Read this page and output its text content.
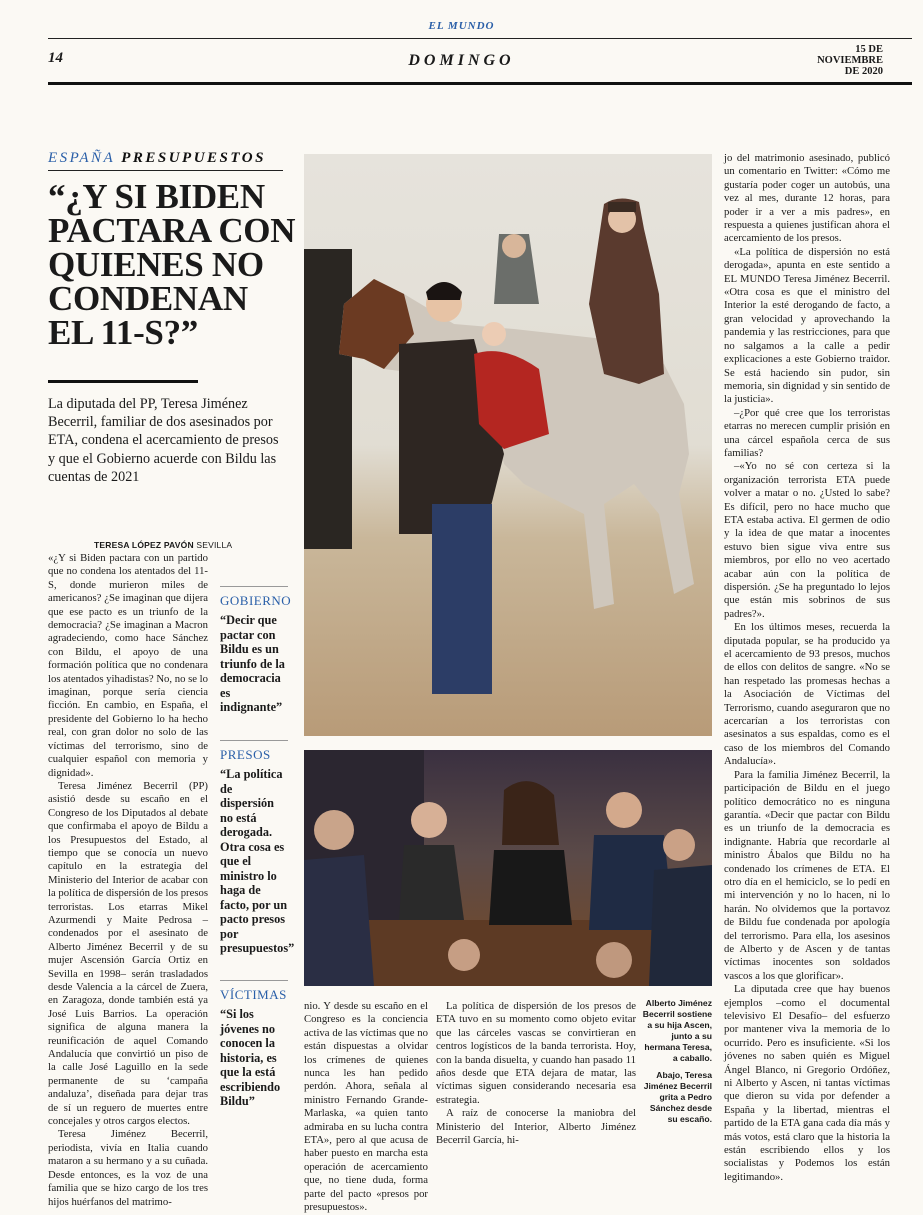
EL MUNDO
14	DOMINGO
15 DE
NOVIEMBRE
DE 2020
ESPAÑA PRESUPUESTOS
“¿Y SI BIDEN PACTARA CON QUIENES NO CONDENAN EL 11-S?”
La diputada del PP, Teresa Jiménez Becerril, familiar de dos asesinados por ETA, condena el acercamiento de presos y que el Gobierno acuerde con Bildu las cuentas de 2021
TERESA LÓPEZ PAVÓN SEVILLA

«¿Y si Biden pactara con un partido que no condena los atentados del 11-S, donde murieron miles de americanos? ¿Se imaginan que dijera que ese pacto es un triunfo de la democracia? ¿Se imaginan a Macron agradeciendo, como hace Sánchez con Bildu, el apoyo de una formación política que no condenara los atentados yihadistas? No, no se lo imaginan, porque sería ciencia ficción. En cambio, en España, el presidente del Gobierno lo ha hecho real, con gran dolor no solo de las víctimas del terrorismo, sino de cualquier español con memoria y dignidad».

Teresa Jiménez Becerril (PP) asistió desde su escaño en el Congreso de los Diputados al debate que confirmaba el apoyo de Bildu a los Presupuestos del Estado, al tiempo que se conocía un nuevo capítulo en la estrategia del Ministerio del Interior de acabar con la política de dispersión de los presos terroristas. Los etarras Mikel Azurmendi y Maite Pedrosa –condenados por el asesinato de Alberto Jiménez Becerril y de su mujer Ascensión García Ortiz en Sevilla en 1998– serán trasladados desde Valencia a la cárcel de Zuera, en Zaragoza, donde también está ya José Luis Barrios. La operación significa de alguna manera la reunificación de aquel Comando Andalucía que convirtió un piso de la calle José Laguillo en la sede permanente de su ‘campaña andaluza’, diseñada para dejar tras de sí un reguero de muertes entre concejales y otros cargos electos.

Teresa Jiménez Becerril, periodista, vivía en Italia cuando mataron a su hermano y a su cuñada. Desde entonces, es la voz de una familia que se hizo cargo de los tres hijos huérfanos del matrimo-

GOBIERNO
“Decir que pactar con Bildu es un triunfo de la democracia es indignante”
PRESOS
“La política de dispersión no está derogada. Otra cosa es que el ministro lo haga de facto, por un pacto presos por presupuestos”
VÍCTIMAS
“Si los jóvenes no conocen la historia, es que la está escribiendo Bildu”

nio. Y desde su escaño en el Congreso es la conciencia activa de las víctimas que no están dispuestas a olvidar los crímenes de quienes nunca les han pedido perdón. Ahora, señala al ministro Fernando Grande-Marlaska, «a quien tanto admiraba en su lucha contra ETA», pero al que acusa de haber puesto en marcha esta operación de acercamiento que, no tiene duda, forma parte del pacto «presos por presupuestos».

La política de dispersión de los presos de ETA tuvo en su momento como objeto evitar que las cárceles vascas se convirtieran en centros logísticos de la banda terrorista. Hoy, con la banda disuelta, y cuando han pasado 11 años desde que ETA dejara de matar, las víctimas siguen considerando necesaria esa estrategia.

A raíz de conocerse la maniobra del Ministerio del Interior, Alberto Jiménez Becerril García, hi-

Alberto Jiménez Becerril sostiene a su hija Ascen, junto a su hermana Teresa, a caballo.

Abajo, Teresa Jiménez Becerril grita a Pedro Sánchez desde su escaño.

jo del matrimonio asesinado, publicó un comentario en Twitter: «Cómo me gustaría poder coger un autobús, una vez al mes, durante 12 horas, para poder ir a ver a mis padres», en respuesta a quienes justifican ahora el acercamiento de los presos.

«La política de dispersión no está derogada», apunta en este sentido a EL MUNDO Teresa Jiménez Becerril. «Otra cosa es que el ministro del Interior la esté derogando de facto, a gran velocidad y aprovechando la pandemia y las restricciones, para que no salgamos a la calle a pedir explicaciones a este Gobierno traidor. Se está haciendo sin pudor, sin memoria, sin dignidad y sin sentido de la justicia».

–¿Por qué cree que los terroristas etarras no merecen cumplir prisión en una cárcel española cerca de sus familias?

–«Yo no sé con certeza si la organización terrorista ETA puede volver a matar o no. ¿Usted lo sabe? Es difícil, pero no hace mucho que ETA estaba activa. El germen de odio y la idea de que matar a inocentes estuvo bien sigue viva entre sus miembros, por ello no veo acertado acabar aún con la política de dispersión. ¿Se ha preguntado lo lejos que están mis sobrinos de sus padres?».

En los últimos meses, recuerda la diputada popular, se ha producido ya el acercamiento de 93 presos, muchos de ellos con delitos de sangre. «No se han respetado las promesas hechas a la Asociación de Víctimas del Terrorismo, cuando aseguraron que no acercarían a los terroristas con asesinatos a sus espaldas, como es el caso de los miembros del Comando Andalucía».

Para la familia Jiménez Becerril, la participación de Bildu en el juego político democrático no es ninguna garantía. «Decir que pactar con Bildu es un triunfo de la democracia es indignante. Habría que recordarle al ministro Ábalos que Bildu no ha condenado los crímenes de ETA. El otro día en el hemiciclo, se lo pedí en mi intervención y no lo hacen, ni lo harán. No olvidemos que la portavoz de Bildu fue condenada por apología del terrorismo. Para ella, los asesinos de Alberto y de Ascen y de tantas víctimas inocentes son soldados vascos a los que glorificar».

La diputada cree que hay buenos ejemplos –como el documental televisivo El Desafío– del esfuerzo por mantener viva la memoria de lo ocurrido. Pero es insuficiente. «Si los jóvenes no saben quién es Miguel Ángel Blanco, ni Gregorio Ordóñez, ni Alberto y Ascen, ni tantas víctimas que dieron su vida por defender a España y la libertad, mientras el partido de la ETA gana cada día más y más votos, está claro que la historia la están escribiendo ellos y los socialistas y Podemos los están legitimando».
